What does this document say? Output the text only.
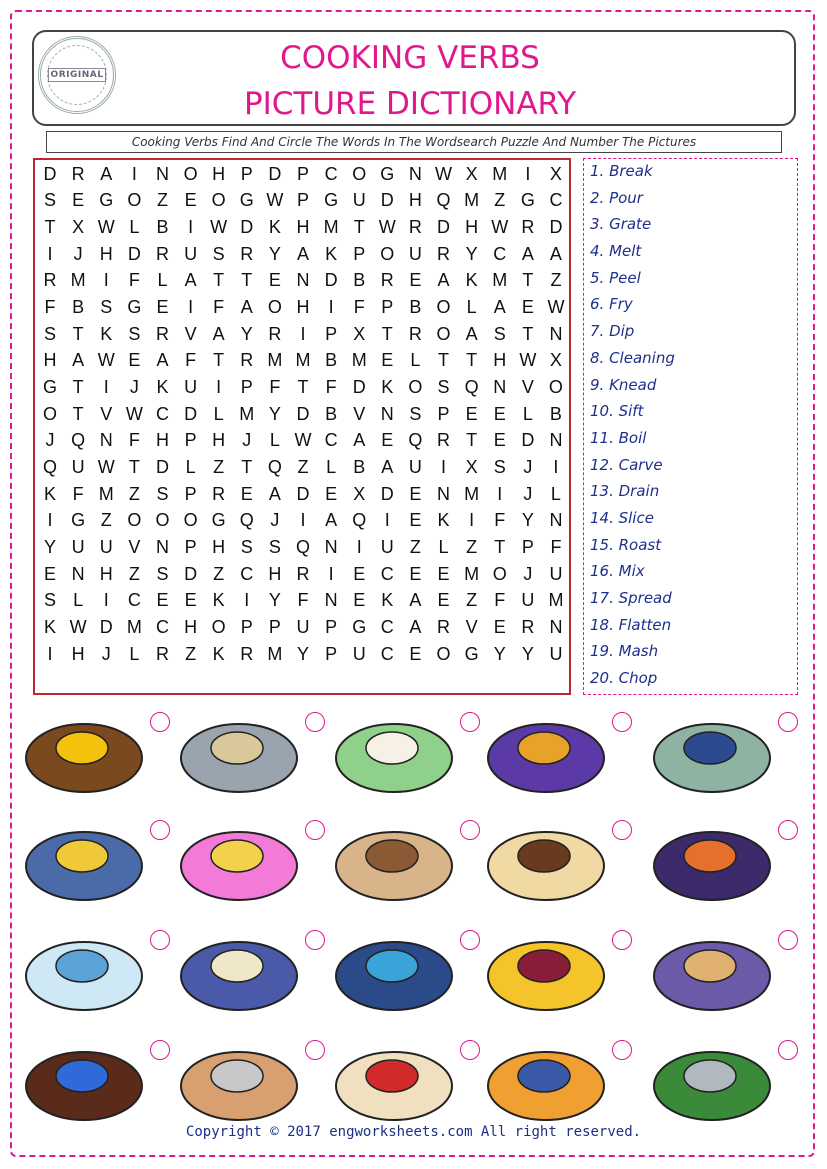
ORIGINAL	COOKING VERBS
PICTURE DICTIONARY
Cooking Verbs Find And Circle The Words In The Wordsearch Puzzle And Number The Pictures
D R A	I	N O H P D P C O G N W X M	I	X
S E G O Z E O G W P G U D H Q M Z G C
T X W L B	I W D K H M T W R D H W R D
I	J H D R U S R Y A K P O U R Y C A A
R M	I	F L A T T E N D B R E A K M T Z
F B S G E	I	F A O H	I	F P B O L A E W
S T K S R V A Y R	I	P X T R O A S T N
H A W E A F T R M M B M E L T T H W X
G T	I	J K U	I	P F T F D K O S Q N V O
O T V W C D L M Y D B V N S P E E L B
J Q N F H P H J	L W C A E Q R T E D N
Q U W T D L Z T Q Z L B A U	I	X S J	I
K F M Z S P R E A D E X D E N M	I	J	L
I	G Z O O O G Q J	I	A Q	I	E K	I	F Y N
Y U U V N P H S S Q N	I	U Z L Z T P F
E N H Z S D Z C H R	I	E C E E M O J U
S L	I	C E E K	I	Y F N E K A E Z F U M
K W D M C H O P P U P G C A R V E R N
I	H J	L R Z K R M Y P U C E O G Y Y U
1. Break
2. Pour
3. Grate
4. Melt
5. Peel
6. Fry
7. Dip
8. Cleaning
9. Knead
10. Sift
11. Boil
12. Carve
13. Drain
14. Slice
15. Roast
16. Mix
17. Spread
18. Flatten
19. Mash
20. Chop
Copyright © 2017 engworksheets.com All right reserved.
